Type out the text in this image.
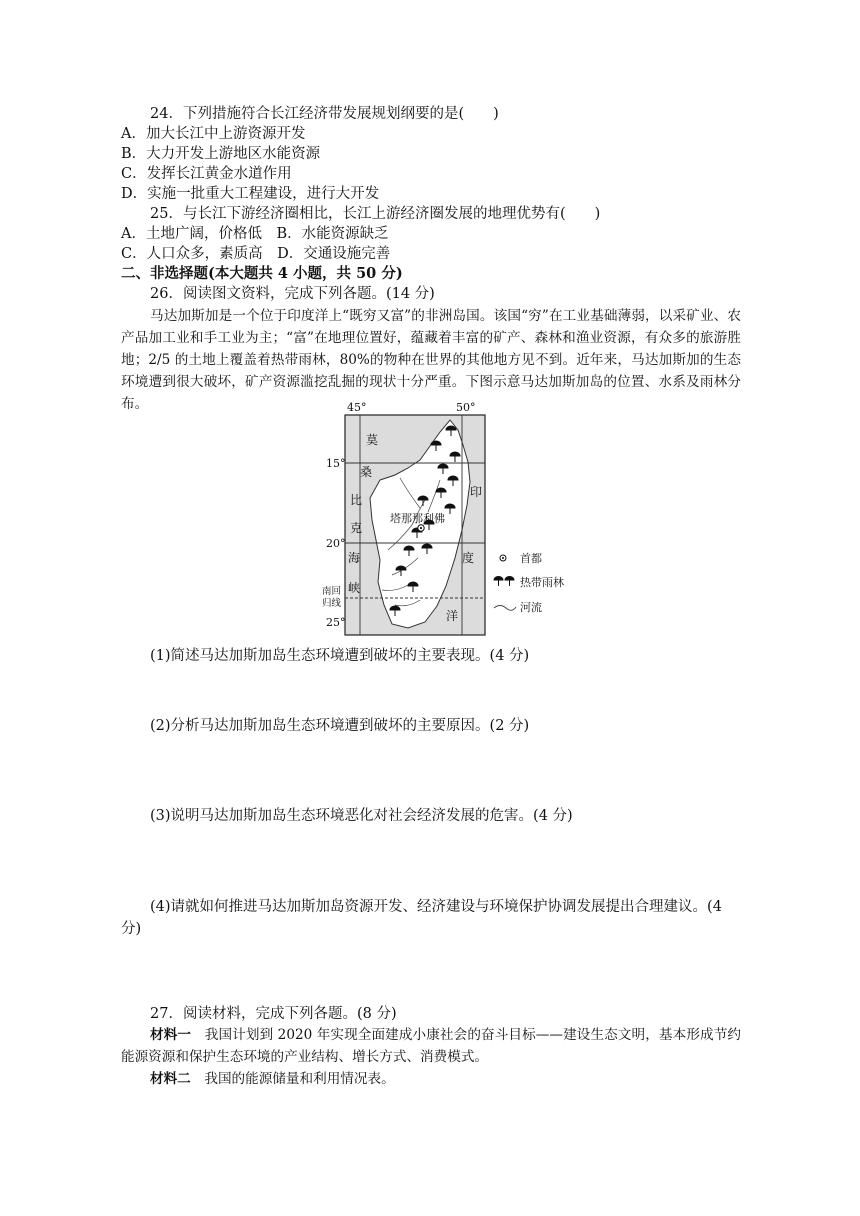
24．下列措施符合长江经济带发展规划纲要的是(　　)
A．加大长江中上游资源开发
B．大力开发上游地区水能资源
C．发挥长江黄金水道作用
D．实施一批重大工程建设，进行大开发
25．与长江下游经济圈相比，长江上游经济圈发展的地理优势有(　　)
A．土地广阔，价格低　B．水能资源缺乏
C．人口众多，素质高　D．交通设施完善
二、非选择题(本大题共 4 小题，共 50 分)
26．阅读图文资料，完成下列各题。(14 分)

马达加斯加是一个位于印度洋上“既穷又富”的非洲岛国。该国“穷”在工业基础薄弱，以采矿业、农产品加工业和手工业为主；“富”在地理位置好，蕴藏着丰富的矿产、森林和渔业资源，有众多的旅游胜地；2/5 的土地上覆盖着热带雨林，80%的物种在世界的其他地方见不到。近年来，马达加斯加的生态环境遭到很大破坏，矿产资源滥挖乱掘的现状十分严重。下图示意马达加斯加岛的位置、水系及雨林分布。

塔那那利佛
45°	50°
15°
20°
25°
南回
归线
莫
桑
比
克
海
峡
印
度
洋
首都
热带雨林
河流
(1)简述马达加斯加岛生态环境遭到破坏的主要表现。(4 分)
(2)分析马达加斯加岛生态环境遭到破坏的主要原因。(2 分)
(3)说明马达加斯加岛生态环境恶化对社会经济发展的危害。(4 分)

(4)请就如何推进马达加斯加岛资源开发、经济建设与环境保护协调发展提出合理建议。(4 分)

27．阅读材料，完成下列各题。(8 分)

材料一　我国计划到 2020 年实现全面建成小康社会的奋斗目标——建设生态文明，基本形成节约能源资源和保护生态环境的产业结构、增长方式、消费模式。

材料二　我国的能源储量和利用情况表。
